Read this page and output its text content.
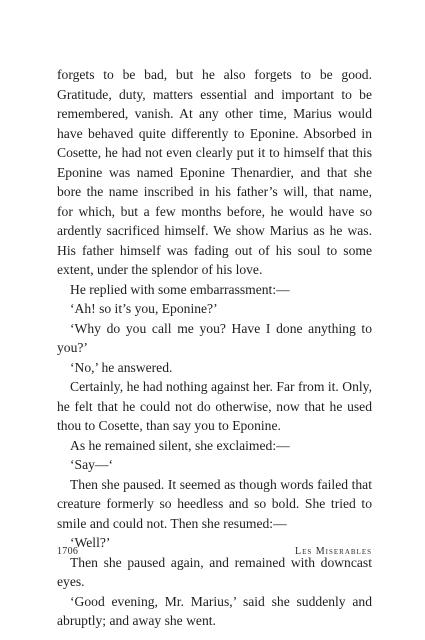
forgets to be bad, but he also forgets to be good. Gratitude, duty, matters essential and important to be remembered, vanish. At any other time, Marius would have behaved quite differently to Eponine. Absorbed in Cosette, he had not even clearly put it to himself that this Eponine was named Eponine Thenardier, and that she bore the name inscribed in his father’s will, that name, for which, but a few months before, he would have so ardently sacrificed himself. We show Marius as he was. His father himself was fading out of his soul to some extent, under the splendor of his love.

He replied with some embarrassment:—

‘Ah! so it’s you, Eponine?’

‘Why do you call me you? Have I done anything to you?’

‘No,’ he answered.

Certainly, he had nothing against her. Far from it. Only, he felt that he could not do otherwise, now that he used thou to Cosette, than say you to Eponine.

As he remained silent, she exclaimed:—

‘Say—‘

Then she paused. It seemed as though words failed that creature formerly so heedless and so bold. She tried to smile and could not. Then she resumed:—

‘Well?’

Then she paused again, and remained with downcast eyes.

‘Good evening, Mr. Marius,’ said she suddenly and abruptly; and away she went.

1706	Les Miserables
